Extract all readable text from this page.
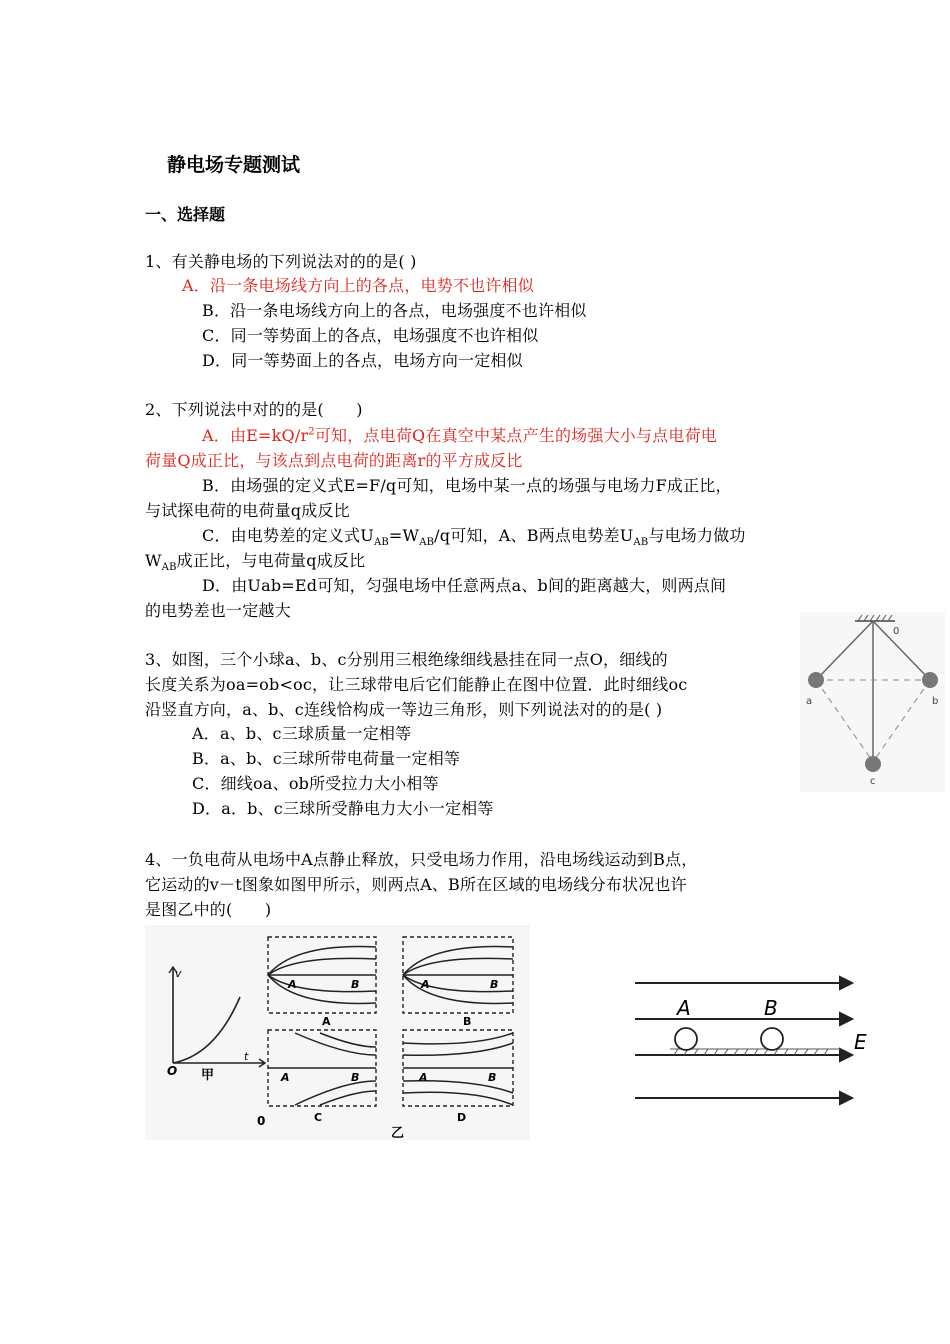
静电场专题测试
一、选择题
1、有关静电场的下列说法对的的是( )
A．沿一条电场线方向上的各点，电势不也许相似
B．沿一条电场线方向上的各点，电场强度不也许相似
C．同一等势面上的各点，电场强度不也许相似
D．同一等势面上的各点，电场方向一定相似
2、下列说法中对的的是(　　)
A．由$E=kQ/r^2$可知，点电荷Q在真空中某点产生的场强大小与点电荷电
荷量Q成正比，与该点到点电荷的距离r的平方成反比
B．由场强的定义式E=F/q可知，电场中某一点的场强与电场力F成正比，
与试探电荷的电荷量q成反比
C．由电势差的定义式$U_{AB}=W_{AB}/q$可知，A、B两点电势差$U_{AB}$与电场力做功
$W_{AB}$成正比，与电荷量q成反比
D．由Uab=Ed可知，匀强电场中任意两点a、b间的距离越大，则两点间
的电势差也一定越大
3、如图，三个小球a、b、c分别用三根绝缘细线悬挂在同一点O，细线的
长度关系为oa=ob<oc，让三球带电后它们能静止在图中位置．此时细线oc
沿竖直方向，a、b、c连线恰构成一等边三角形，则下列说法对的的是( )
A．a、b、c三球质量一定相等
B．a、b、c三球所带电荷量一定相等
C．细线oa、ob所受拉力大小相等
D．a．b、c三球所受静电力大小一定相等
0
a	b
c
4、一负电荷从电场中A点静止释放，只受电场力作用，沿电场线运动到B点，
它运动的v－t图象如图甲所示，则两点A、B所在区域的电场线分布状况也许
是图乙中的(　　)
v
t
O 甲
A	B
A
A	B
B
A	B
C
A	B
D
0
乙
A	B
E
